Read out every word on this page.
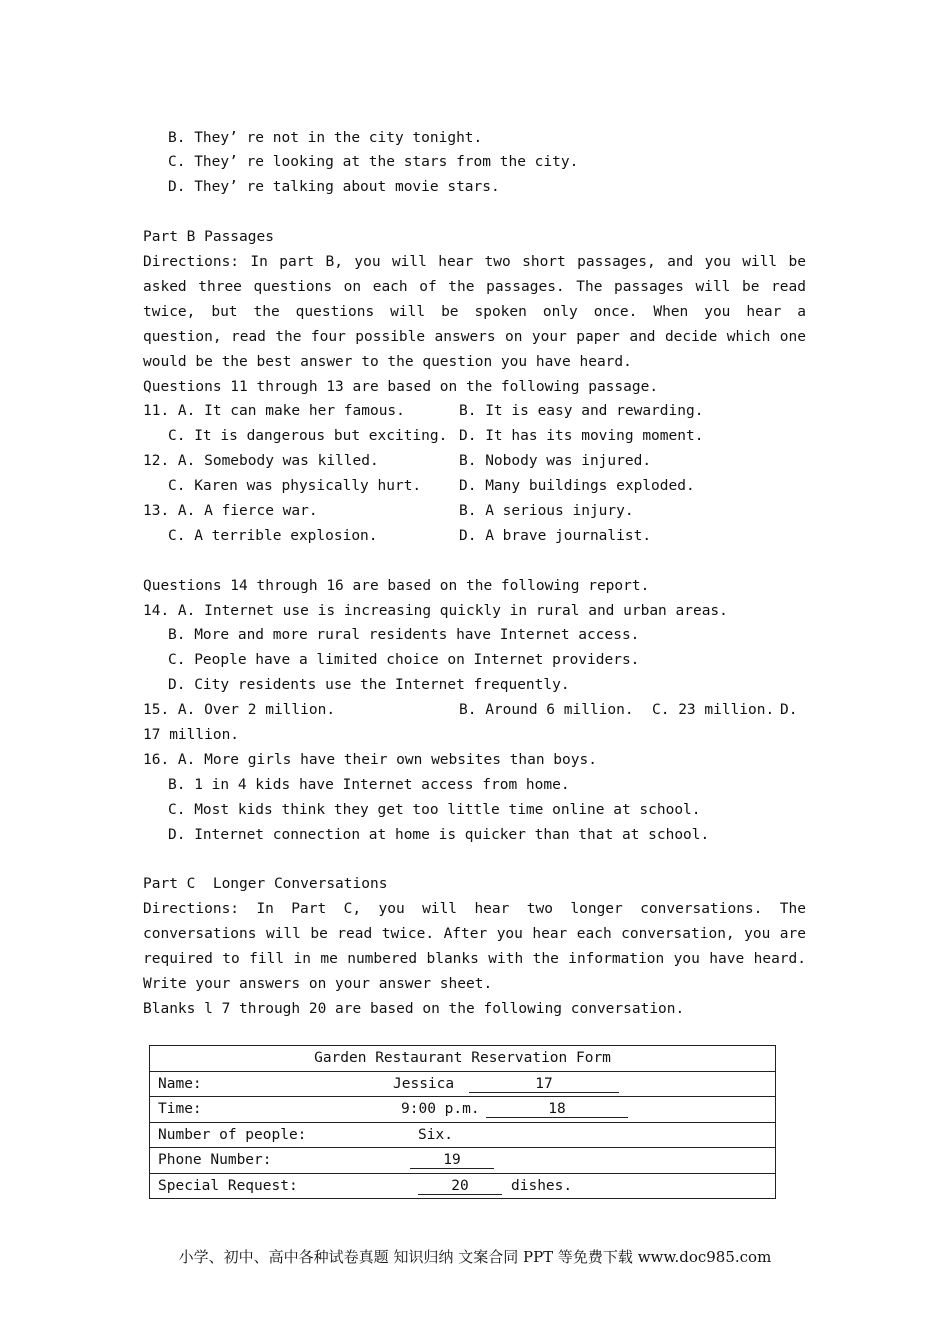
B. They’ re not in the city tonight.
C. They’ re looking at the stars from the city.
D. They’ re talking about movie stars.
Part B Passages
Directions: In part B, you will hear two short passages, and you will be asked three questions on each of the passages. The passages will be read twice, but the questions will be spoken only once. When you hear a question, read the four possible answers on your paper and decide which one would be the best answer to the question you have heard.
Questions 11 through 13 are based on the following passage.
11. A. It can make her famous.	B. It is easy and rewarding.
C. It is dangerous but exciting. D. It has its moving moment.
12. A. Somebody was killed.	B. Nobody was injured.
C. Karen was physically hurt.	D. Many buildings exploded.
13. A. A fierce war.	B. A serious injury.
C. A terrible explosion.	D. A brave journalist.
Questions 14 through 16 are based on the following report.
14. A. Internet use is increasing quickly in rural and urban areas.
B. More and more rural residents have Internet access.
C. People have a limited choice on Internet providers.
D. City residents use the Internet frequently.
15. A. Over 2 million.	B. Around 6 million. C. 23 million. D.
17 million.
16. A. More girls have their own websites than boys.
B. 1 in 4 kids have Internet access from home.
C. Most kids think they get too little time online at school.
D. Internet connection at home is quicker than that at school.
Part C  Longer Conversations
Directions: In Part C, you will hear two longer conversations. The conversations will be read twice. After you hear each conversation, you are required to fill in me numbered blanks with the information you have heard. Write your answers on your answer sheet.
Blanks l 7 through 20 are based on the following conversation.
Garden Restaurant Reservation Form

Name:	Jessica	17

Time:	9:00 p.m.	18

Number of people:	Six.

Phone Number:	19

Special Request:	20	dishes.
小学、初中、高中各种试卷真题 知识归纳 文案合同 PPT 等免费下载 www.doc985.com
